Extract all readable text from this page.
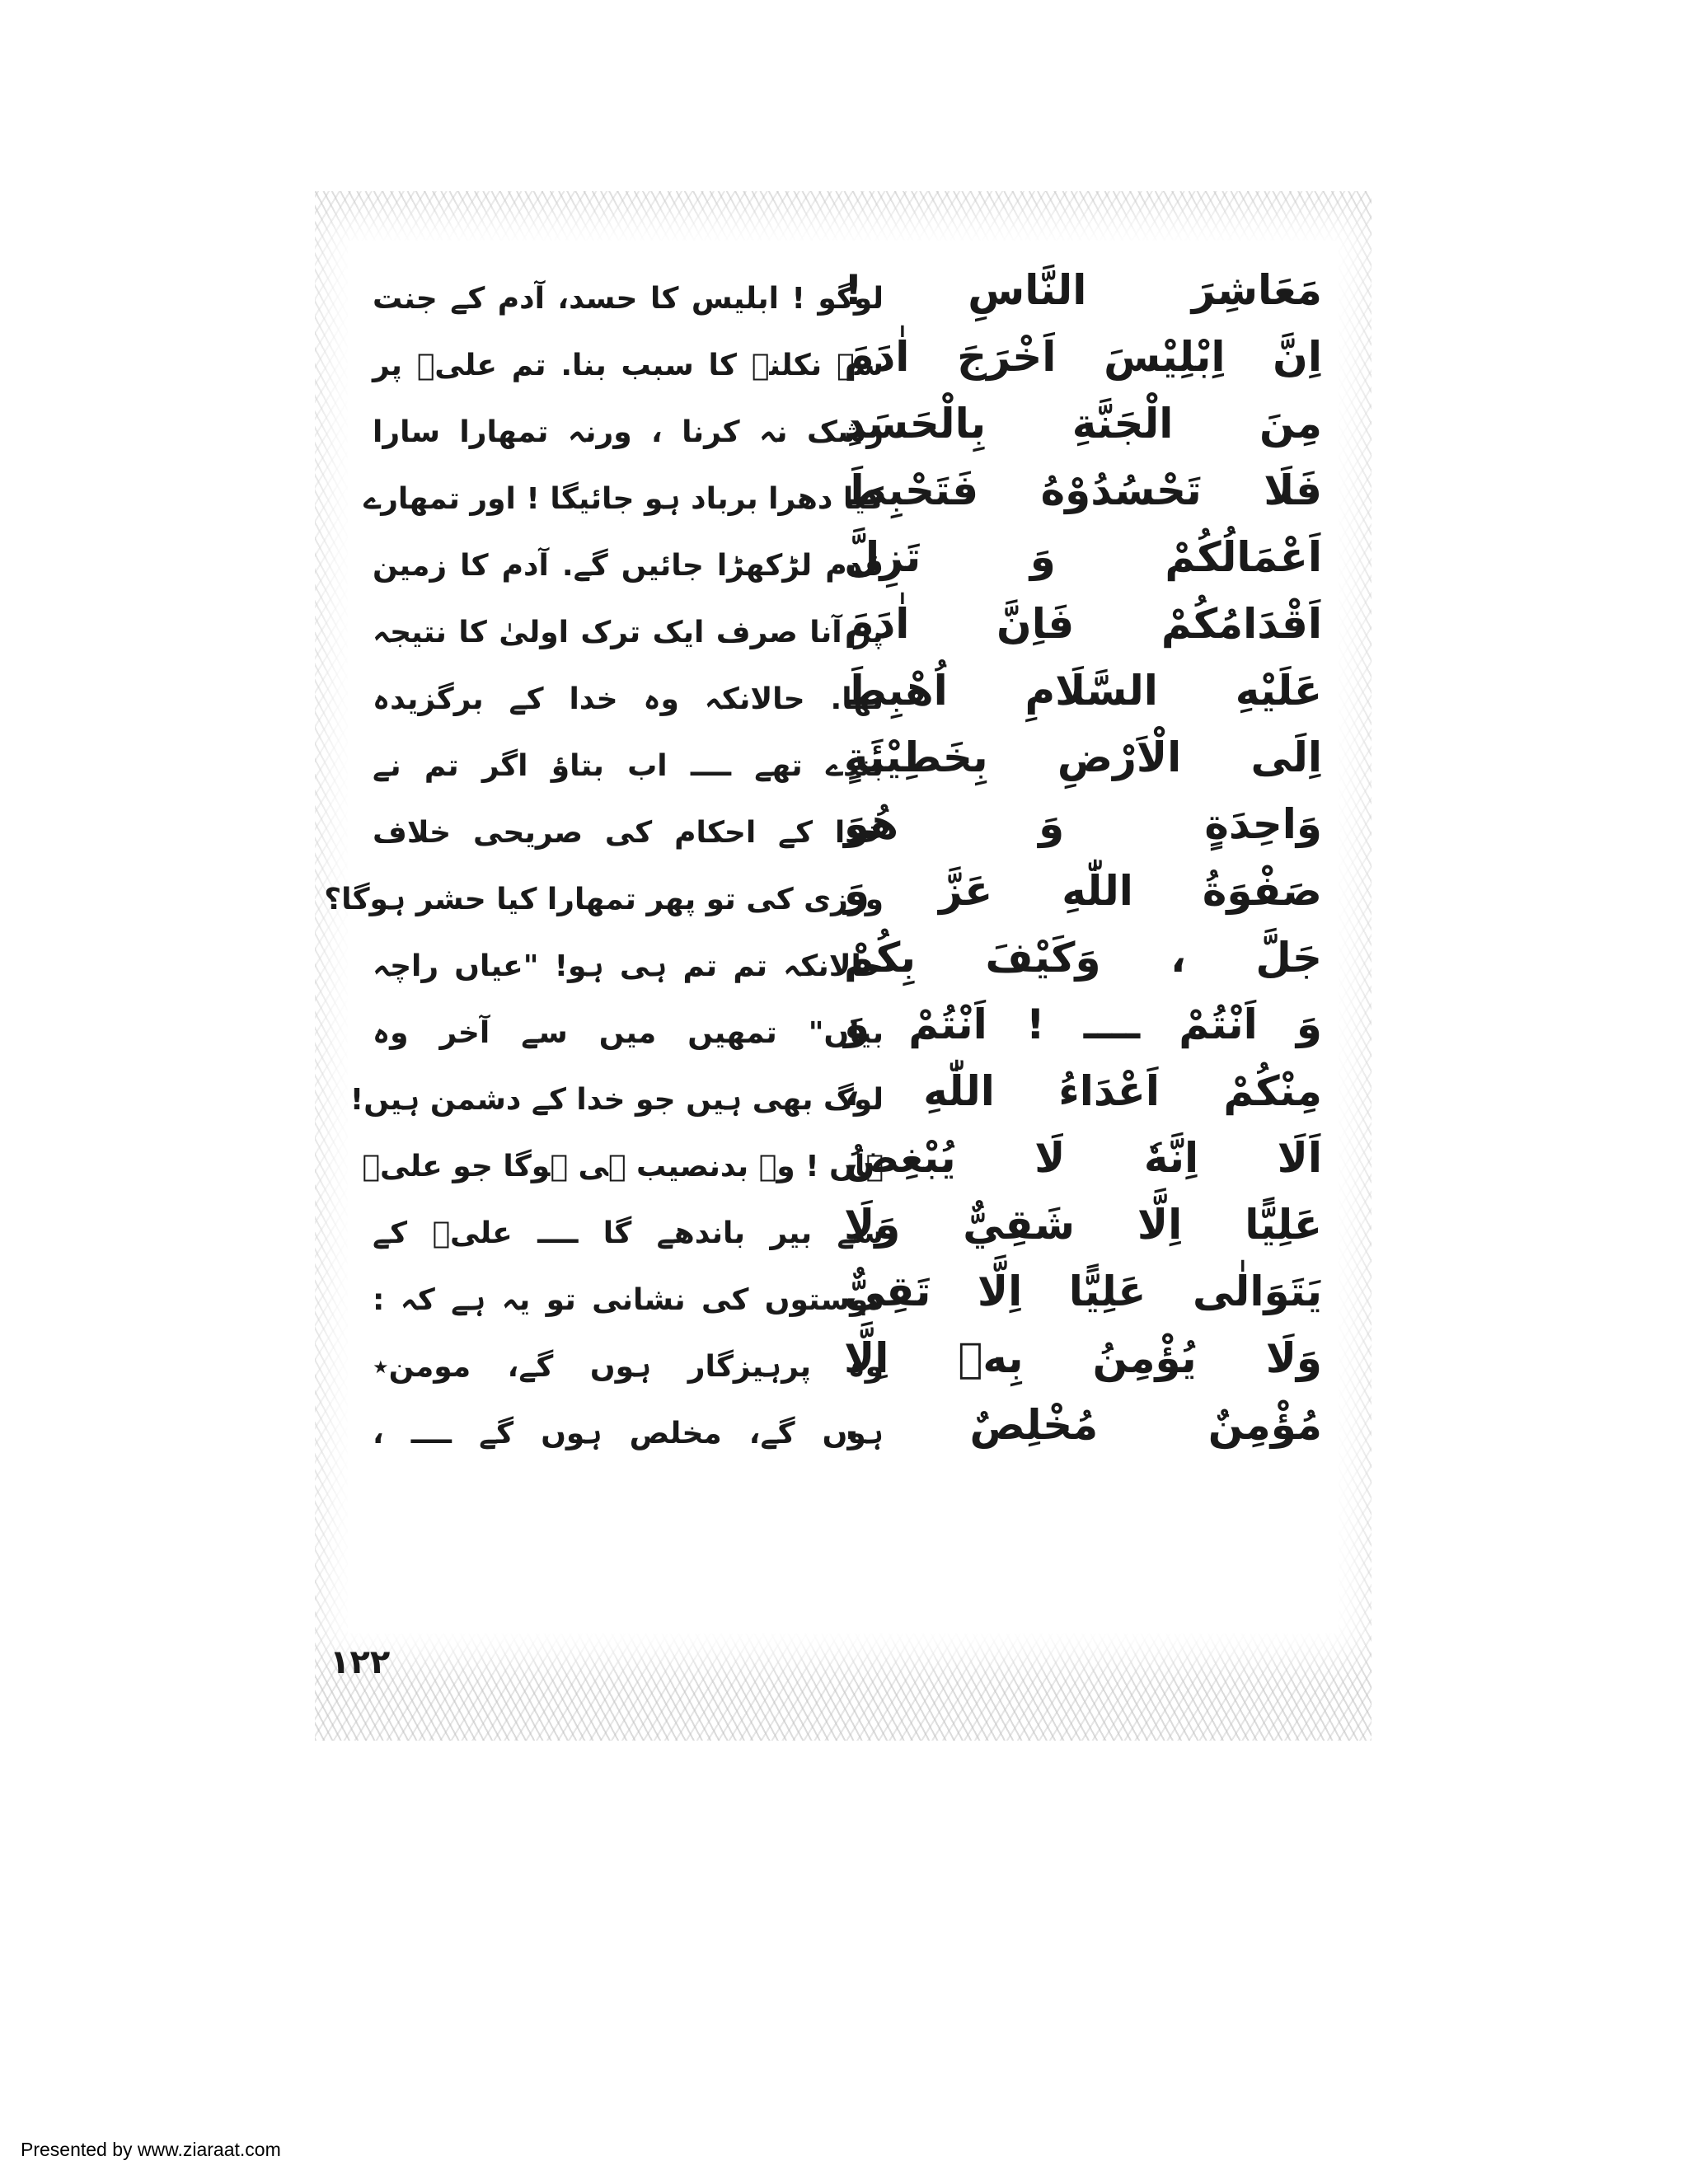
مَعَاشِرَ النَّاسِ !
اِنَّ اِبْلِيْسَ اَخْرَجَ اٰدَمَ
مِنَ الْجَنَّةِ بِالْحَسَدِ
فَلَا تَحْسُدُوْهُ فَتَحْبِطَ
اَعْمَالُكُمْ وَ تَزِلَّ
اَقْدَامُكُمْ فَاِنَّ اٰدَمَ
عَلَيْهِ السَّلَامِ اُهْبِطَ
اِلَى الْاَرْضِ بِخَطِيْئَةٍ
وَاحِدَةٍ وَ هُوَ
صَفْوَةُ اللّٰهِ عَزَّ وَ
جَلَّ ، وَكَيْفَ بِكُمْ
وَ اَنْتُمْ ــــ ! اَنْتُمْ وَ
مِنْكُمْ اَعْدَاءُ اللّٰهِ ،
اَلَا اِنَّهٗ لَا يُبْغِضُ
عَلِيًّا اِلَّا شَقِيٌّ وَلَا
يَتَوَالٰى عَلِيًّا اِلَّا تَقِيٌّ
وَلَا يُؤْمِنُ بِهٖ اِلَّا
مُؤْمِنٌ مُخْلِصٌ .
لوگو ! ابلیس کا حسد، آدم کے جنت
سے نکلنے کا سبب بنا. تم علیؑ پر
رشک نہ کرنا ، ورنہ تمھارا سارا
کیا دھرا برباد ہو جائیگا ! اور تمھارے
قدم لڑکھڑا جائیں گے. آدم کا زمین
پر آنا صرف ایک ترک اولیٰ کا نتیجہ
تھا. حالانکہ وہ خدا کے برگزیدہ
بندے تھے ــــ اب بتاؤ اگر تم نے
خدا کے احکام کی صریحی خلاف
ورزی کی تو پھر تمھارا کیا حشر ہوگا؟
حالانکہ تم تم ہی ہو! "عیاں راچہ
بیاں" تمھیں میں سے آخر وہ
لوگ بھی ہیں جو خدا کے دشمن ہیں!
ہاں ! وہ بدنصیب ہی ہوگا جو علیؑ
سے بیر باندھے گا ــــ علیؑ کے
دوستوں کی نشانی تو یہ ہے کہ :
وہ پرہیزگار ہوں گے، مومن٭
ہوں گے، مخلص ہوں گے ــــ ،
۱۲۲
Presented by www.ziaraat.com
